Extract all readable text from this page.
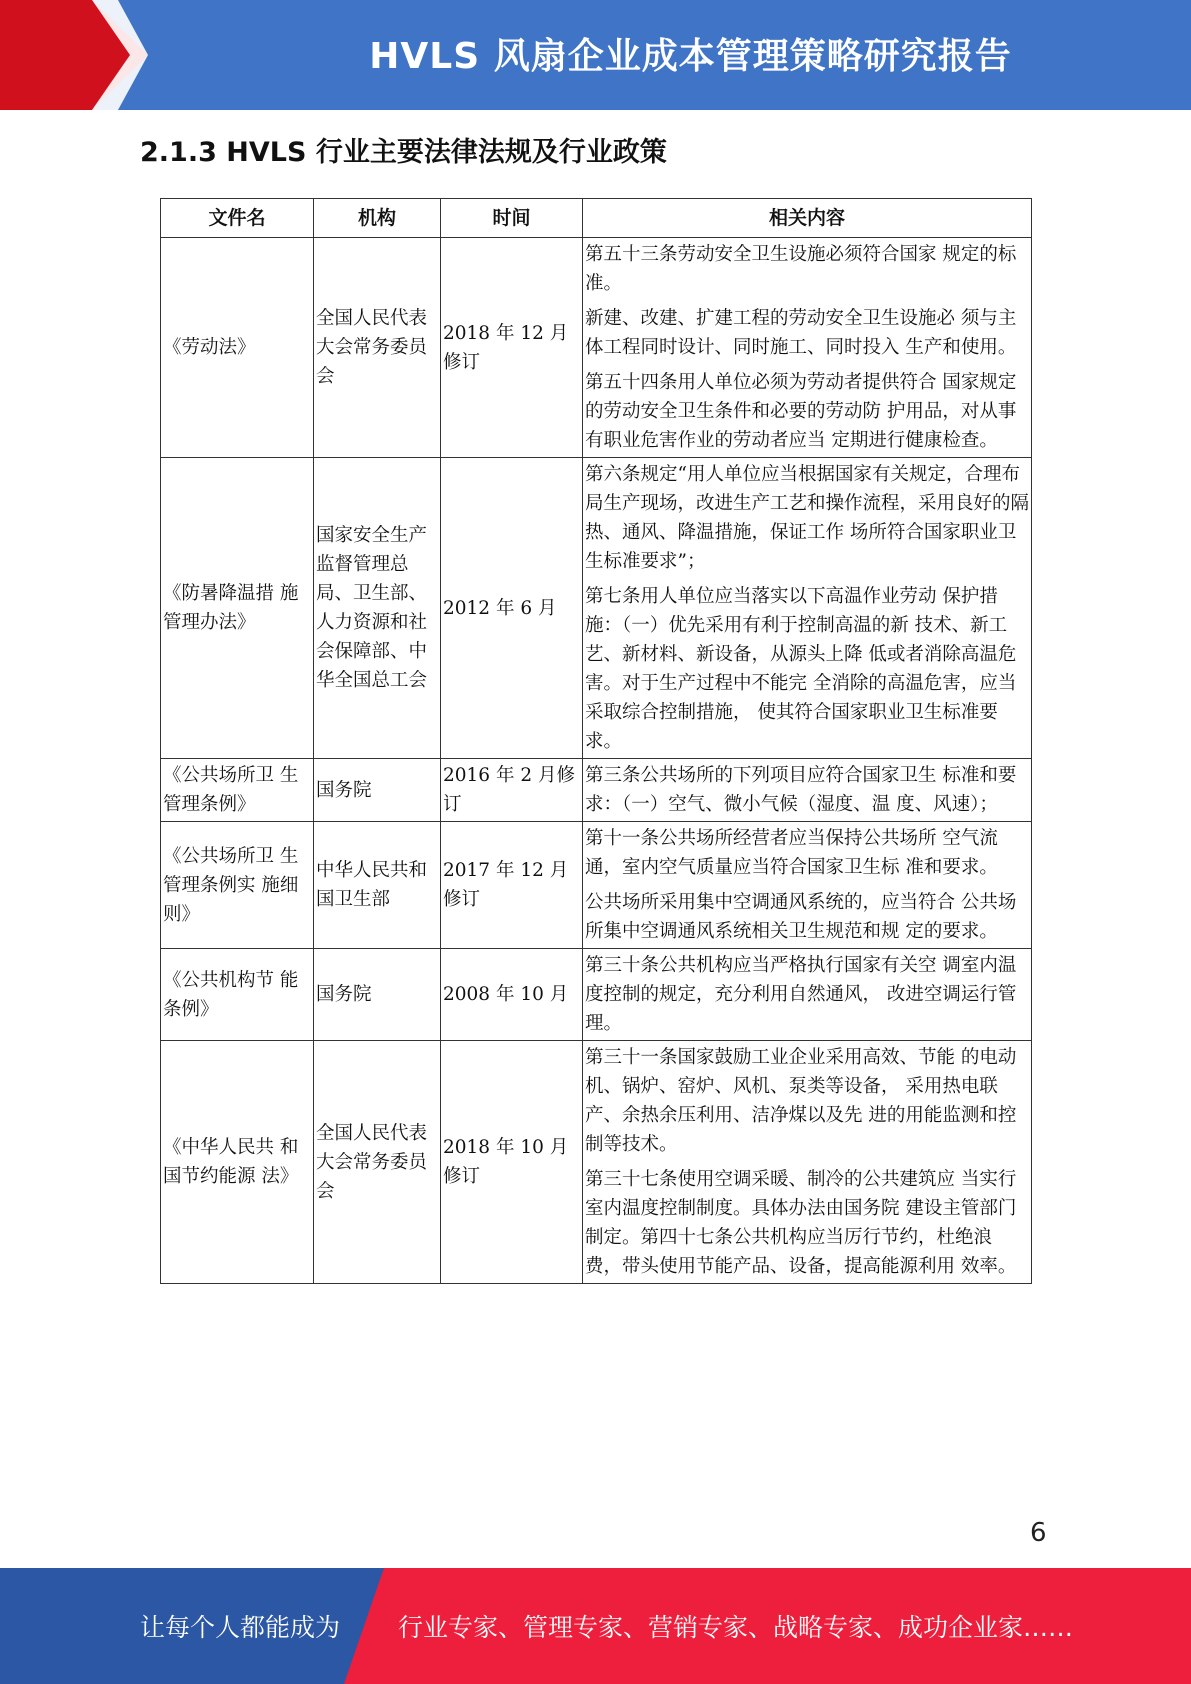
HVLS 风扇企业成本管理策略研究报告
2.1.3 HVLS 行业主要法律法规及行业政策
文件名	机构	时间	相关内容
《劳动法》	全国人民代表大会常务委员会	2018 年 12 月修订	第五十三条劳动安全卫生设施必须符合国家 规定的标准。

新建、改建、扩建工程的劳动安全卫生设施必 须与主体工程同时设计、同时施工、同时投入 生产和使用。

第五十四条用人单位必须为劳动者提供符合 国家规定的劳动安全卫生条件和必要的劳动防 护用品，对从事有职业危害作业的劳动者应当 定期进行健康检查。

《防暑降温措 施管理办法》	国家安全生产监督管理总局、卫生部、人力资源和社会保障部、中华全国总工会	2012 年 6 月	第六条规定“用人单位应当根据国家有关规定，合理布局生产现场，改进生产工艺和操作流程，采用良好的隔热、通风、降温措施，保证工作 场所符合国家职业卫生标准要求”；

第七条用人单位应当落实以下高温作业劳动 保护措施：（一）优先采用有利于控制高温的新 技术、新工艺、新材料、新设备，从源头上降 低或者消除高温危害。对于生产过程中不能完 全消除的高温危害，应当采取综合控制措施， 使其符合国家职业卫生标准要求。

《公共场所卫 生管理条例》	国务院	2016 年 2 月修订	第三条公共场所的下列项目应符合国家卫生 标准和要求：（一）空气、微小气候（湿度、温 度、风速）；

《公共场所卫 生管理条例实 施细则》	中华人民共和国卫生部	2017 年 12 月修订	第十一条公共场所经营者应当保持公共场所 空气流通，室内空气质量应当符合国家卫生标 准和要求。

公共场所采用集中空调通风系统的，应当符合 公共场所集中空调通风系统相关卫生规范和规 定的要求。

《公共机构节 能条例》	国务院	2008 年 10 月	第三十条公共机构应当严格执行国家有关空 调室内温度控制的规定，充分利用自然通风， 改进空调运行管理。

《中华人民共 和国节约能源 法》	全国人民代表大会常务委员会	2018 年 10 月修订	第三十一条国家鼓励工业企业采用高效、节能 的电动机、锅炉、窑炉、风机、泵类等设备， 采用热电联产、余热余压利用、洁净煤以及先 进的用能监测和控制等技术。

第三十七条使用空调采暖、制冷的公共建筑应 当实行室内温度控制制度。具体办法由国务院 建设主管部门制定。第四十七条公共机构应当厉行节约，杜绝浪 费，带头使用节能产品、设备，提高能源利用 效率。

6
让每个人都能成为 行业专家、管理专家、营销专家、战略专家、成功企业家……
